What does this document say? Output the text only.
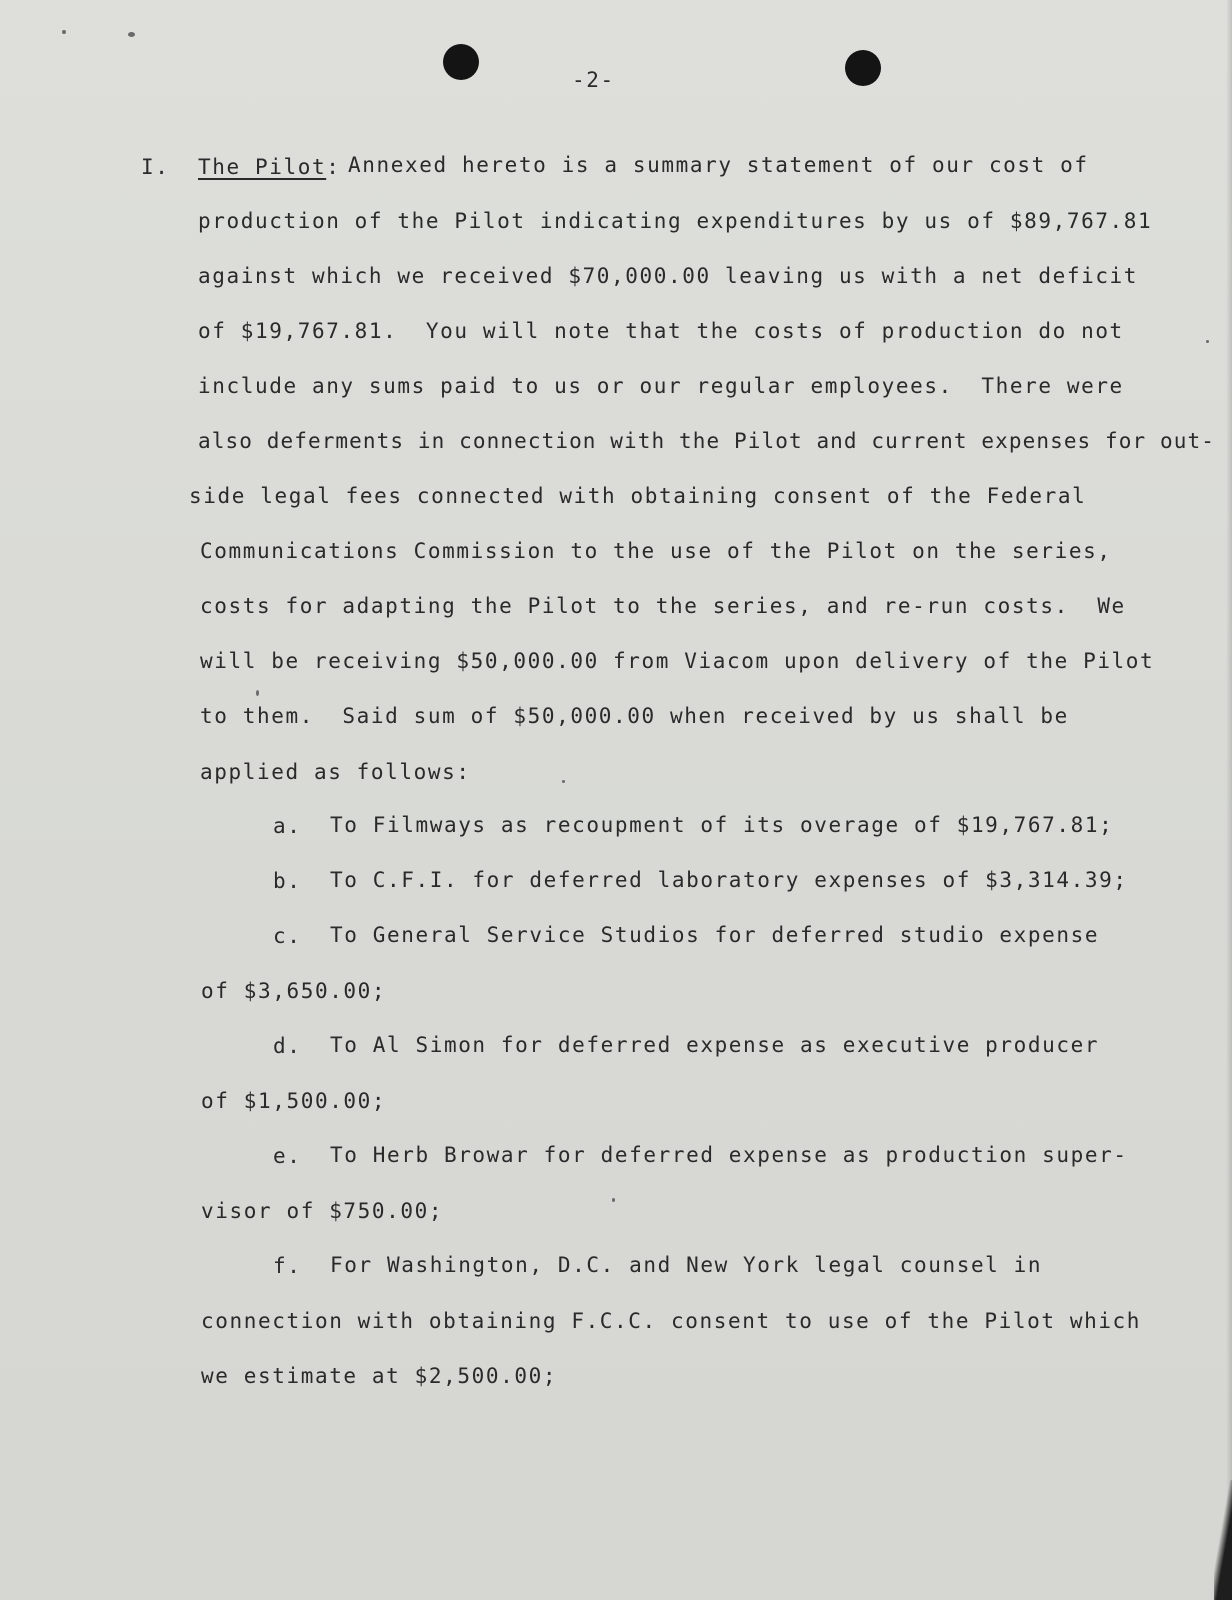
-2-
I. The Pilot: Annexed hereto is a summary statement of our cost of
production of the Pilot indicating expenditures by us of $89,767.81
against which we received $70,000.00 leaving us with a net deficit
of $19,767.81.  You will note that the costs of production do not
include any sums paid to us or our regular employees.  There were
also deferments in connection with the Pilot and current expenses for out-
side legal fees connected with obtaining consent of the Federal
Communications Commission to the use of the Pilot on the series,
costs for adapting the Pilot to the series, and re-run costs.  We
will be receiving $50,000.00 from Viacom upon delivery of the Pilot
to them.  Said sum of $50,000.00 when received by us shall be
applied as follows:
a. To Filmways as recoupment of its overage of $19,767.81;
b. To C.F.I. for deferred laboratory expenses of $3,314.39;
c. To General Service Studios for deferred studio expense
of $3,650.00;
d. To Al Simon for deferred expense as executive producer
of $1,500.00;
e. To Herb Browar for deferred expense as production super-
visor of $750.00;
f. For Washington, D.C. and New York legal counsel in
connection with obtaining F.C.C. consent to use of the Pilot which
we estimate at $2,500.00;
